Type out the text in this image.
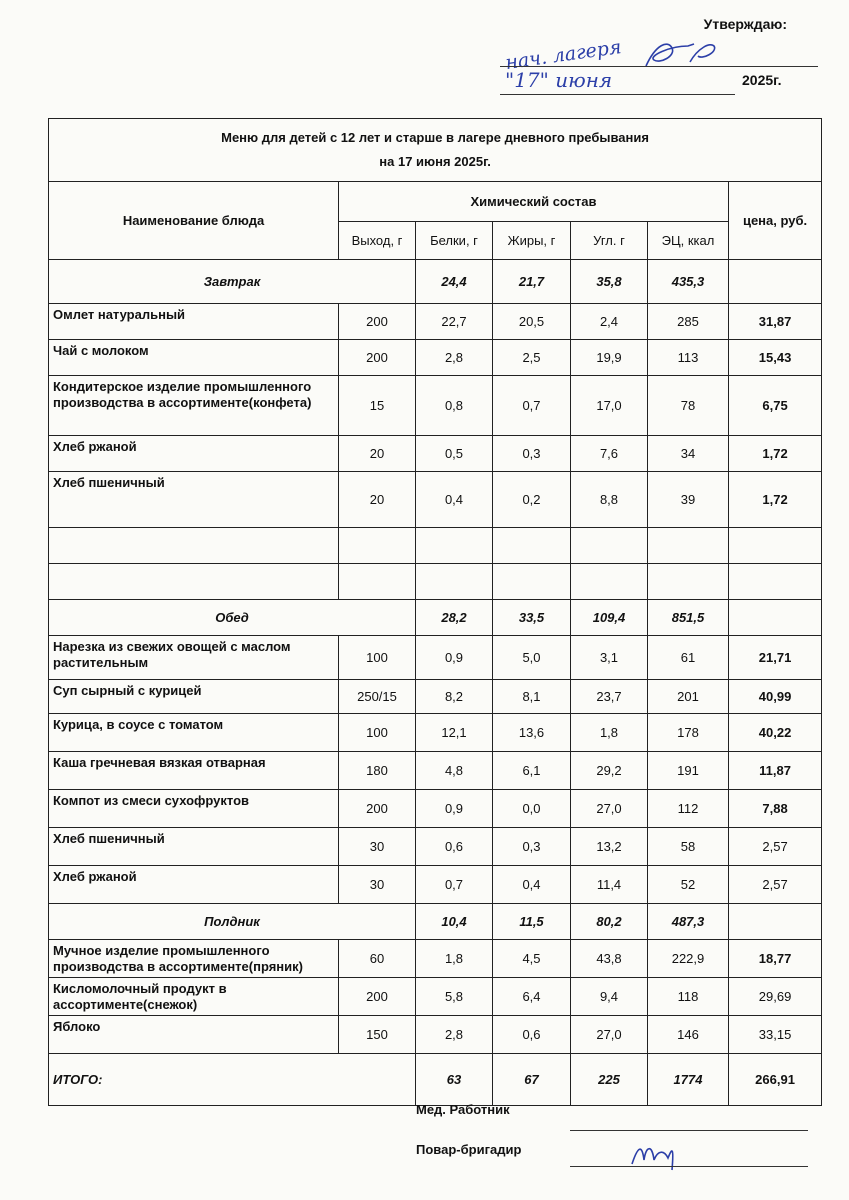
Утверждаю:
нач. лагеря
"17" июня	2025г.
Меню для детей с 12 лет и старше в лагере дневного пребывания
на 17 июня 2025г.						

Наименование блюда	Химический состав					цена, руб.
	Выход, г	Белки, г	Жиры, г	Угл. г	ЭЦ, ккал	
Завтрак		24,4	21,7	35,8	435,3	
Омлет натуральный	200	22,7	20,5	2,4	285	31,87
Чай с молоком	200	2,8	2,5	19,9	113	15,43
Кондитерское изделие промышленного производства в ассортименте(конфета)	15	0,8	0,7	17,0	78	6,75
Хлеб ржаной	20	0,5	0,3	7,6	34	1,72
Хлеб пшеничный	20	0,4	0,2	8,8	39	1,72

Обед		28,2	33,5	109,4	851,5	
Нарезка из свежих овощей с маслом растительным	100	0,9	5,0	3,1	61	21,71
Суп сырный с курицей	250/15	8,2	8,1	23,7	201	40,99
Курица, в соусе с томатом	100	12,1	13,6	1,8	178	40,22
Каша гречневая вязкая отварная	180	4,8	6,1	29,2	191	11,87
Компот из смеси сухофруктов	200	0,9	0,0	27,0	112	7,88
Хлеб пшеничный	30	0,6	0,3	13,2	58	2,57
Хлеб ржаной	30	0,7	0,4	11,4	52	2,57
Полдник		10,4	11,5	80,2	487,3	
Мучное изделие промышленного производства в ассортименте(пряник)	60	1,8	4,5	43,8	222,9	18,77
Кисломолочный продукт в ассортименте(снежок)	200	5,8	6,4	9,4	118	29,69
Яблоко	150	2,8	0,6	27,0	146	33,15
ИТОГО:		63	67	225	1774	266,91
Мед. Работник
Повар-бригадир
